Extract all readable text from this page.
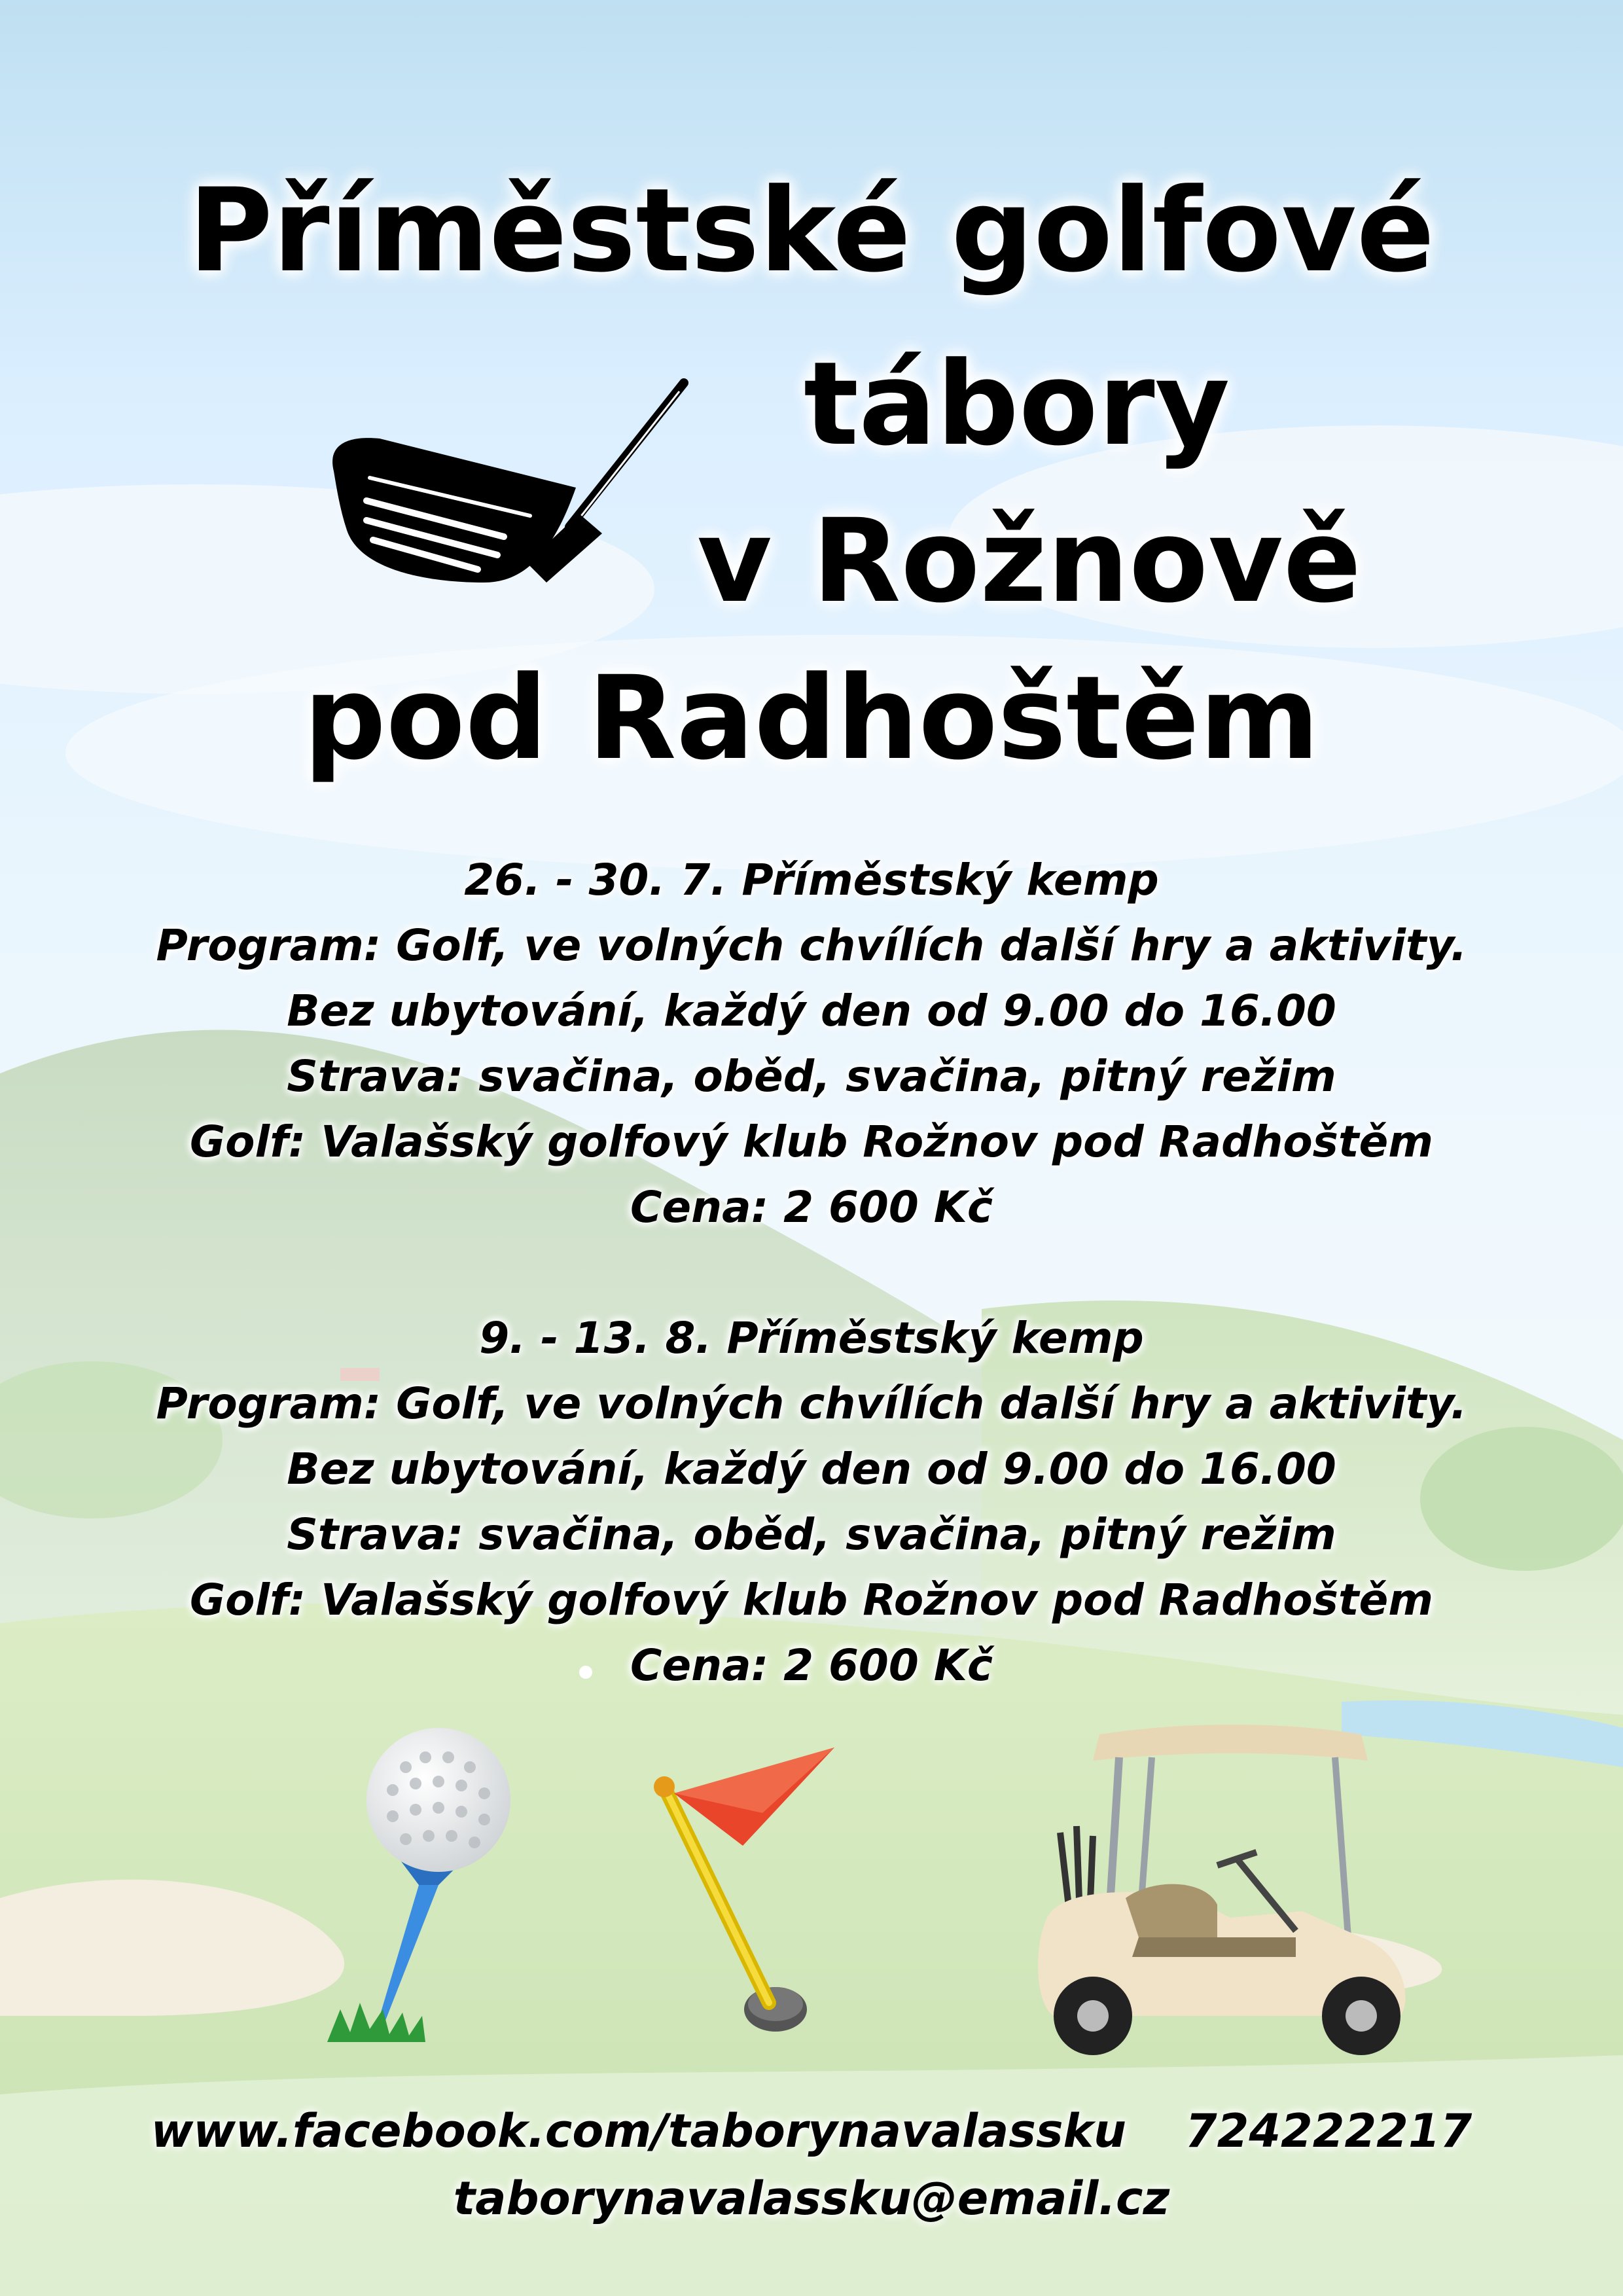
Příměstské golfové
tábory
v Rožnově
pod Radhoštěm
26. - 30. 7. Příměstský kemp
Program: Golf, ve volných chvílích další hry a aktivity.
Bez ubytování, každý den od 9.00 do 16.00
Strava: svačina, oběd, svačina, pitný režim
Golf: Valašský golfový klub Rožnov pod Radhoštěm
Cena: 2 600 Kč
9. - 13. 8. Příměstský kemp
Program: Golf, ve volných chvílích další hry a aktivity.
Bez ubytování, každý den od 9.00 do 16.00
Strava: svačina, oběd, svačina, pitný režim
Golf: Valašský golfový klub Rožnov pod Radhoštěm
Cena: 2 600 Kč
www.facebook.com/taborynavalassku 724222217
taborynavalassku@email.cz
